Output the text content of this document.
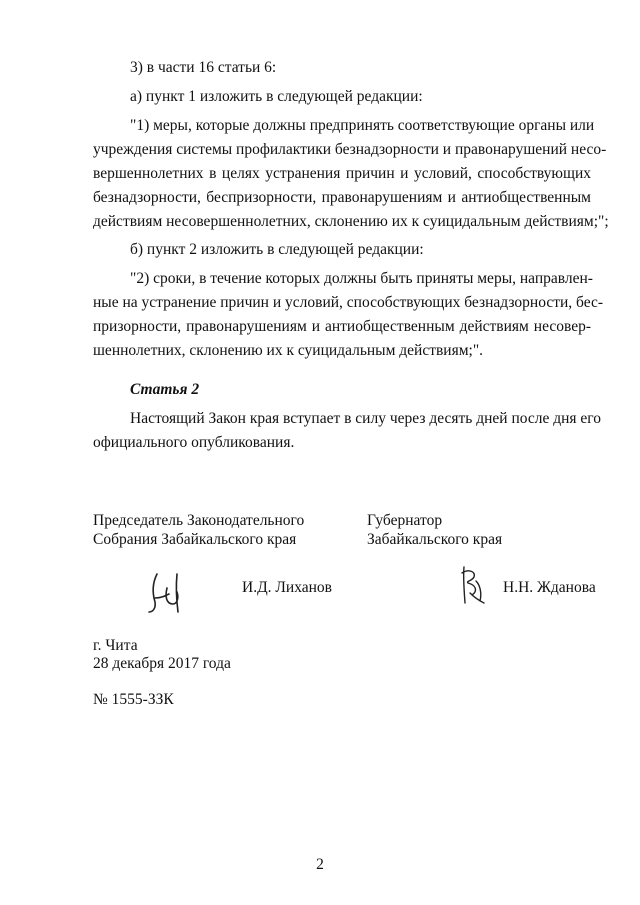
3) в части 16 статьи 6:
а) пункт 1 изложить в следующей редакции:
"1) меры, которые должны предпринять соответствующие органы или
учреждения системы профилактики безнадзорности и правонарушений несо-
вершеннолетних в целях устранения причин и условий, способствующих
безнадзорности, беспризорности, правонарушениям и антиобщественным
действиям несовершеннолетних, склонению их к суицидальным действиям;";
б) пункт 2 изложить в следующей редакции:
"2) сроки, в течение которых должны быть приняты меры, направлен-
ные на устранение причин и условий, способствующих безнадзорности, бес-
призорности, правонарушениям и антиобщественным действиям несовер-
шеннолетних, склонению их к суицидальным действиям;".
Статья 2
Настоящий Закон края вступает в силу через десять дней после дня его
официального опубликования.
Председатель Законодательного
Собрания Забайкальского края
Губернатор
Забайкальского края
И.Д. Лиханов	Н.Н. Жданова
г. Чита
28 декабря 2017 года
№ 1555-ЗЗК
2
